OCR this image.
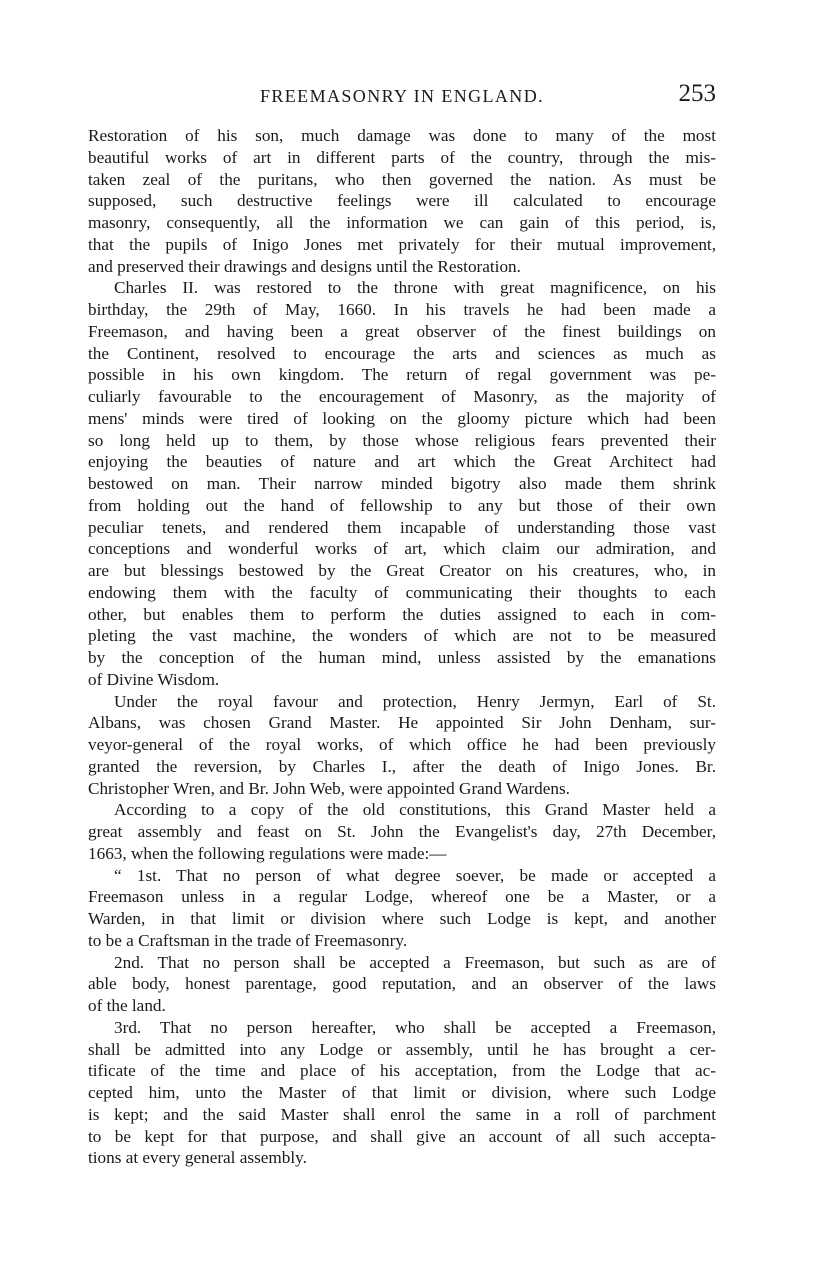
FREEMASONRY IN ENGLAND.	253
Restoration of his son, much damage was done to many of the most
beautiful works of art in different parts of the country, through the mis-
taken zeal of the puritans, who then governed the nation. As must be
supposed, such destructive feelings were ill calculated to encourage
masonry, consequently, all the information we can gain of this period, is,
that the pupils of Inigo Jones met privately for their mutual improvement,
and preserved their drawings and designs until the Restoration.
Charles II. was restored to the throne with great magnificence, on his
birthday, the 29th of May, 1660. In his travels he had been made a
Freemason, and having been a great observer of the finest buildings on
the Continent, resolved to encourage the arts and sciences as much as
possible in his own kingdom. The return of regal government was pe-
culiarly favourable to the encouragement of Masonry, as the majority of
mens' minds were tired of looking on the gloomy picture which had been
so long held up to them, by those whose religious fears prevented their
enjoying the beauties of nature and art which the Great Architect had
bestowed on man. Their narrow minded bigotry also made them shrink
from holding out the hand of fellowship to any but those of their own
peculiar tenets, and rendered them incapable of understanding those vast
conceptions and wonderful works of art, which claim our admiration, and
are but blessings bestowed by the Great Creator on his creatures, who, in
endowing them with the faculty of communicating their thoughts to each
other, but enables them to perform the duties assigned to each in com-
pleting the vast machine, the wonders of which are not to be measured
by the conception of the human mind, unless assisted by the emanations
of Divine Wisdom.
Under the royal favour and protection, Henry Jermyn, Earl of St.
Albans, was chosen Grand Master. He appointed Sir John Denham, sur-
veyor-general of the royal works, of which office he had been previously
granted the reversion, by Charles I., after the death of Inigo Jones. Br.
Christopher Wren, and Br. John Web, were appointed Grand Wardens.
According to a copy of the old constitutions, this Grand Master held a
great assembly and feast on St. John the Evangelist's day, 27th December,
1663, when the following regulations were made:—
“ 1st. That no person of what degree soever, be made or accepted a
Freemason unless in a regular Lodge, whereof one be a Master, or a
Warden, in that limit or division where such Lodge is kept, and another
to be a Craftsman in the trade of Freemasonry.
2nd. That no person shall be accepted a Freemason, but such as are of
able body, honest parentage, good reputation, and an observer of the laws
of the land.
3rd. That no person hereafter, who shall be accepted a Freemason,
shall be admitted into any Lodge or assembly, until he has brought a cer-
tificate of the time and place of his acceptation, from the Lodge that ac-
cepted him, unto the Master of that limit or division, where such Lodge
is kept; and the said Master shall enrol the same in a roll of parchment
to be kept for that purpose, and shall give an account of all such accepta-
tions at every general assembly.
